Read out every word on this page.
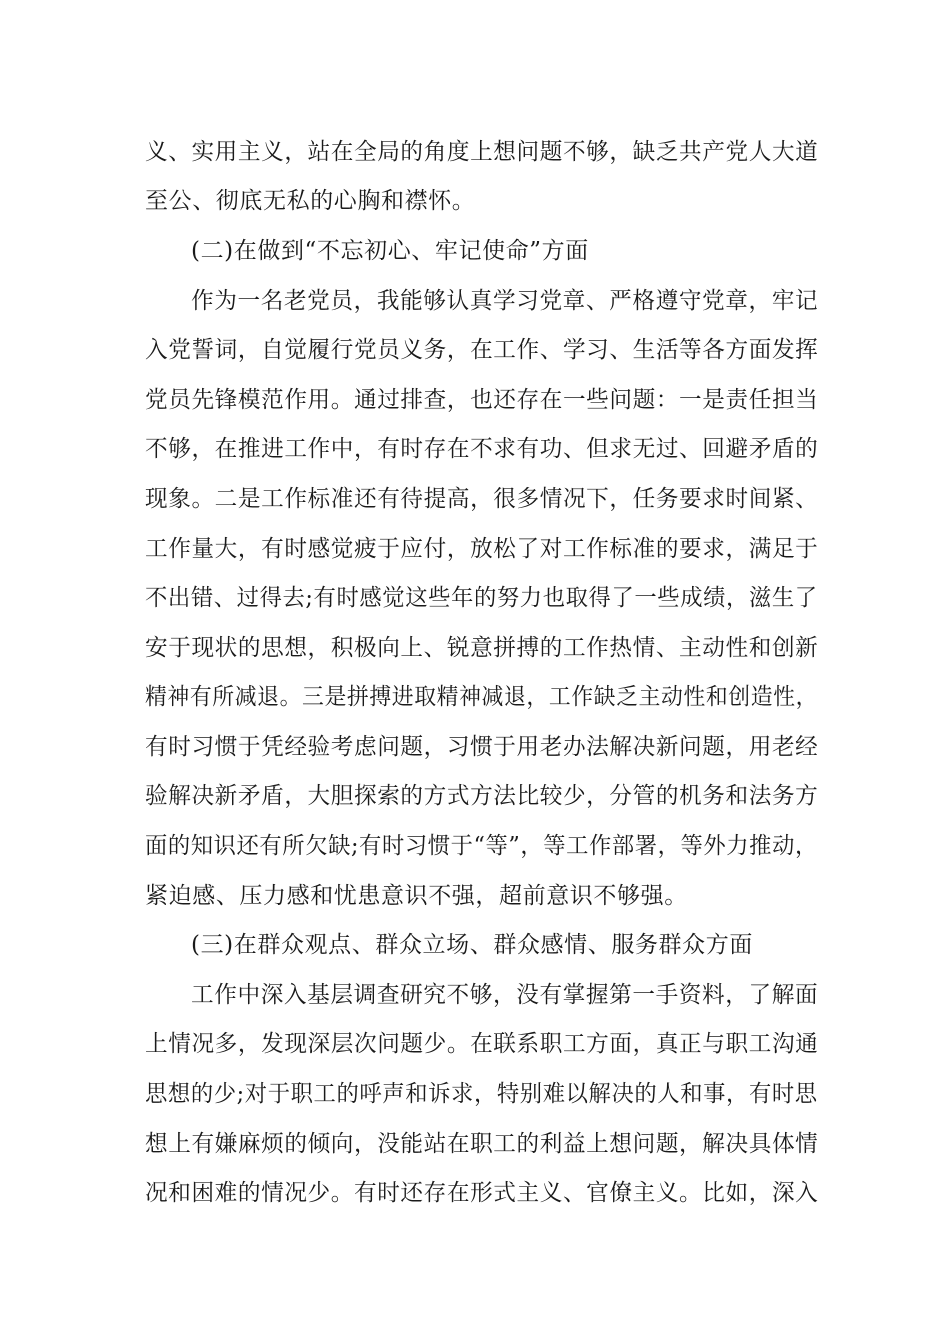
义、实用主义，站在全局的角度上想问题不够，缺乏共产党人大道
至公、彻底无私的心胸和襟怀。
(二)在做到“不忘初心、牢记使命”方面
作为一名老党员，我能够认真学习党章、严格遵守党章，牢记
入党誓词，自觉履行党员义务，在工作、学习、生活等各方面发挥
党员先锋模范作用。通过排查，也还存在一些问题：一是责任担当
不够，在推进工作中，有时存在不求有功、但求无过、回避矛盾的
现象。二是工作标准还有待提高，很多情况下，任务要求时间紧、
工作量大，有时感觉疲于应付，放松了对工作标准的要求，满足于
不出错、过得去;有时感觉这些年的努力也取得了一些成绩，滋生了
安于现状的思想，积极向上、锐意拼搏的工作热情、主动性和创新
精神有所减退。三是拼搏进取精神减退，工作缺乏主动性和创造性，
有时习惯于凭经验考虑问题，习惯于用老办法解决新问题，用老经
验解决新矛盾，大胆探索的方式方法比较少，分管的机务和法务方
面的知识还有所欠缺;有时习惯于“等”，等工作部署，等外力推动，
紧迫感、压力感和忧患意识不强，超前意识不够强。
(三)在群众观点、群众立场、群众感情、服务群众方面
工作中深入基层调查研究不够，没有掌握第一手资料，了解面
上情况多，发现深层次问题少。在联系职工方面，真正与职工沟通
思想的少;对于职工的呼声和诉求，特别难以解决的人和事，有时思
想上有嫌麻烦的倾向，没能站在职工的利益上想问题，解决具体情
况和困难的情况少。有时还存在形式主义、官僚主义。比如，深入
